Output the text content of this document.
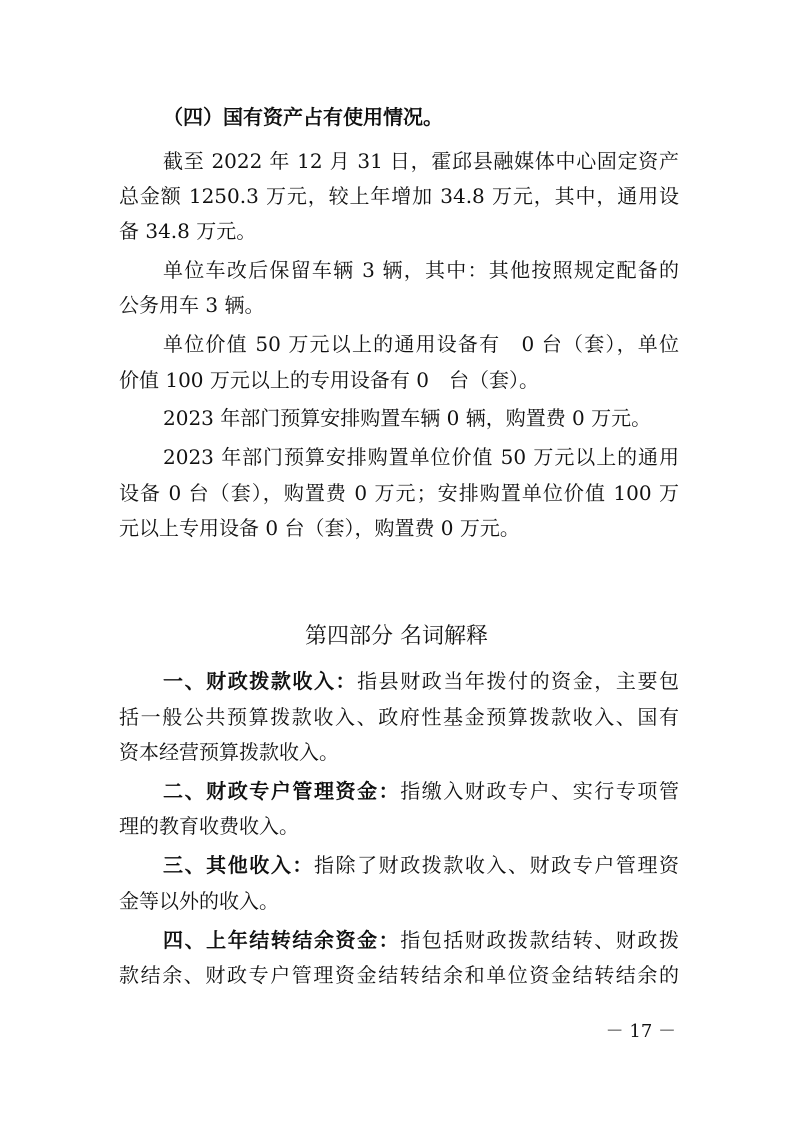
（四）国有资产占有使用情况。
截至 2022 年 12 月 31 日，霍邱县融媒体中心固定资产
总金额 1250.3 万元，较上年增加 34.8 万元，其中，通用设
备 34.8 万元。
单位车改后保留车辆 3 辆，其中：其他按照规定配备的
公务用车 3 辆。
单位价值 50 万元以上的通用设备有　0 台（套），单位
价值 100 万元以上的专用设备有 0　台（套）。
2023 年部门预算安排购置车辆 0 辆，购置费 0 万元。
2023 年部门预算安排购置单位价值 50 万元以上的通用
设备 0 台（套），购置费 0 万元；安排购置单位价值 100 万
元以上专用设备 0 台（套），购置费 0 万元。
第四部分 名词解释
一、财政拨款收入：指县财政当年拨付的资金，主要包
括一般公共预算拨款收入、政府性基金预算拨款收入、国有
资本经营预算拨款收入。
二、财政专户管理资金：指缴入财政专户、实行专项管
理的教育收费收入。
三、其他收入：指除了财政拨款收入、财政专户管理资
金等以外的收入。
四、上年结转结余资金：指包括财政拨款结转、财政拨
款结余、财政专户管理资金结转结余和单位资金结转结余的
－ 17 －
